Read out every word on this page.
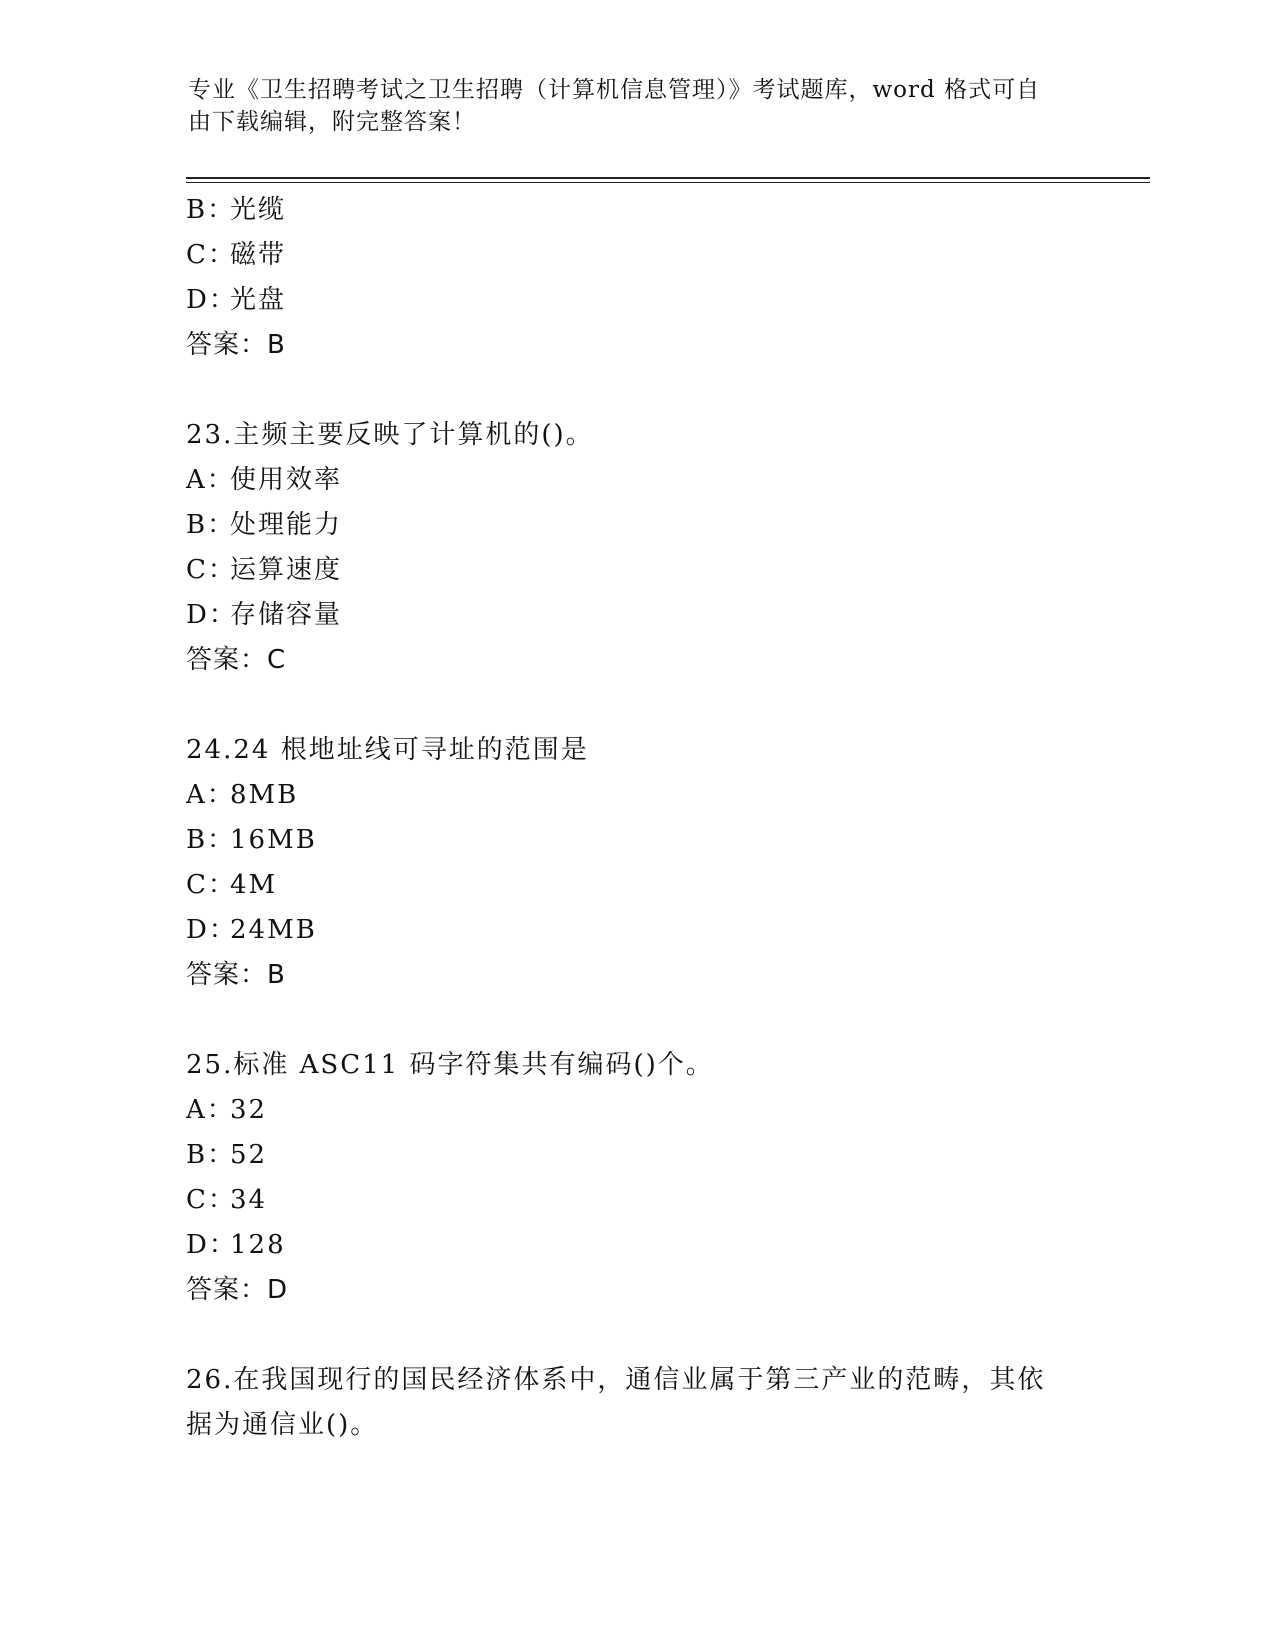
专业《卫生招聘考试之卫生招聘（计算机信息管理）》考试题库，word 格式可自
由下载编辑，附完整答案！
B：光缆
C：磁带
D：光盘
答案：B
23.主频主要反映了计算机的()。
A：使用效率
B：处理能力
C：运算速度
D：存储容量
答案：C
24.24 根地址线可寻址的范围是
A：8MB
B：16MB
C：4M
D：24MB
答案：B
25.标准 ASC11 码字符集共有编码()个。
A：32
B：52
C：34
D：128
答案：D
26.在我国现行的国民经济体系中，通信业属于第三产业的范畴，其依
据为通信业()。
